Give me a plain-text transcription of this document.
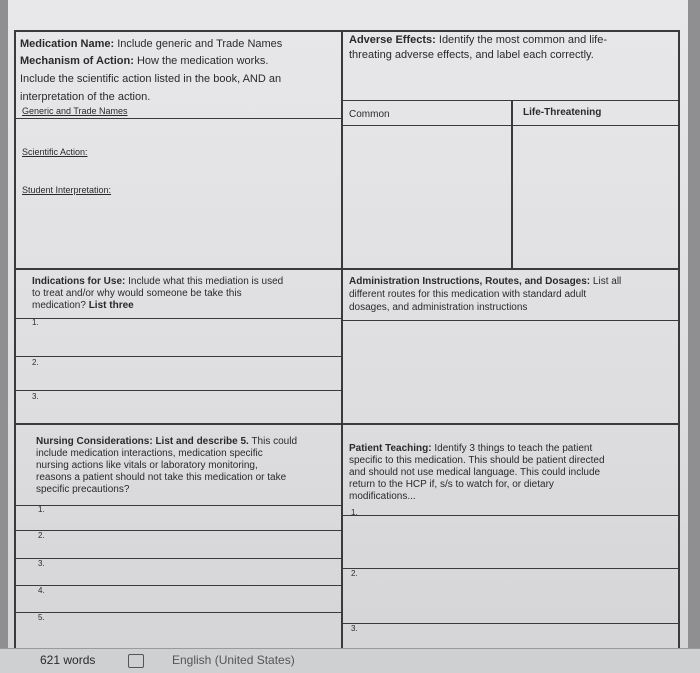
Medication Name: Include generic and Trade Names
Mechanism of Action: How the medication works.
Include the scientific action listed in the book, AND an
interpretation of the action.
Generic and Trade Names
Scientific Action:
Student Interpretation:
Adverse Effects: Identify the most common and life-
threating adverse effects, and label each correctly.
Common	Life-Threatening
Indications for Use: Include what this mediation is used
to treat and/or why would someone be take this
medication? List three
1.
2.
3.
Administration Instructions, Routes, and Dosages: List all
different routes for this medication with standard adult
dosages, and administration instructions
Nursing Considerations: List and describe 5. This could
include medication interactions, medication specific
nursing actions like vitals or laboratory monitoring,
reasons a patient should not take this medication or take
specific precautions?
1.
2.
3.
4.
5.
Patient Teaching: Identify 3 things to teach the patient
specific to this medication. This should be patient directed
and should not use medical language. This could include
return to the HCP if, s/s to watch for, or dietary
modifications...
1.
2.
3.
621 words	English (United States)
